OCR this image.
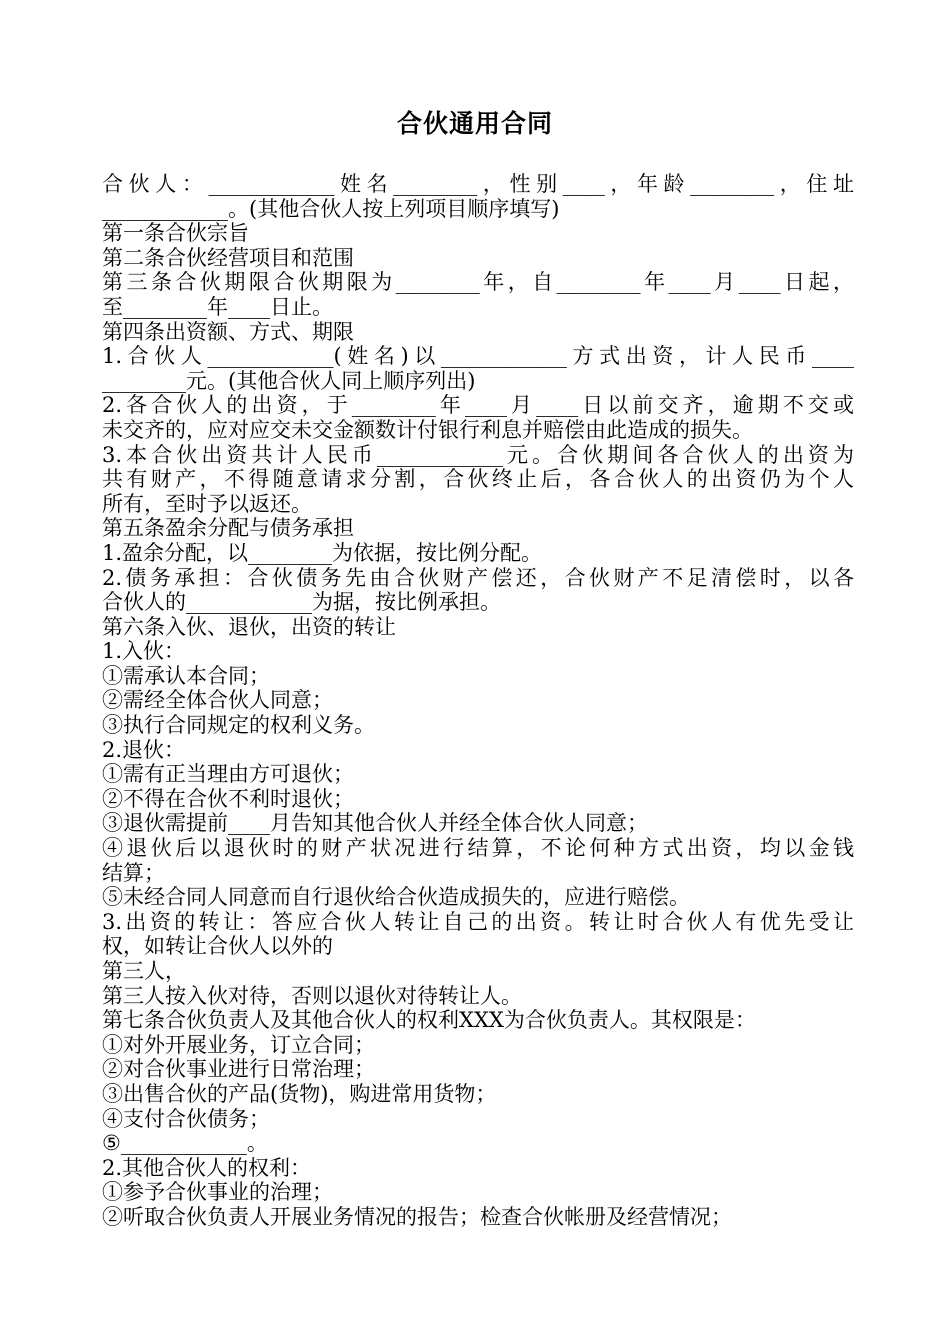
合伙通用合同
合伙人：____________姓名________，性别____，年龄________，住址
____________。(其他合伙人按上列项目顺序填写)
第一条合伙宗旨
第二条合伙经营项目和范围
第三条合伙期限合伙期限为________年，自________年____月____日起，
至________年____日止。
第四条出资额、方式、期限
1.合伙人____________(姓名)以____________方式出资，计人民币____
________元。(其他合伙人同上顺序列出)
2.各合伙人的出资，于________年____月____日以前交齐，逾期不交或
未交齐的，应对应交未交金额数计付银行利息并赔偿由此造成的损失。
3.本合伙出资共计人民币____________元。合伙期间各合伙人的出资为
共有财产，不得随意请求分割，合伙终止后，各合伙人的出资仍为个人
所有，至时予以返还。
第五条盈余分配与债务承担
1.盈余分配，以________为依据，按比例分配。
2.债务承担：合伙债务先由合伙财产偿还，合伙财产不足清偿时，以各
合伙人的____________为据，按比例承担。
第六条入伙、退伙，出资的转让
1.入伙：
①需承认本合同；
②需经全体合伙人同意；
③执行合同规定的权利义务。
2.退伙：
①需有正当理由方可退伙；
②不得在合伙不利时退伙；
③退伙需提前____月告知其他合伙人并经全体合伙人同意；
④退伙后以退伙时的财产状况进行结算，不论何种方式出资，均以金钱
结算；
⑤未经合同人同意而自行退伙给合伙造成损失的，应进行赔偿。
3.出资的转让：答应合伙人转让自己的出资。转让时合伙人有优先受让
权，如转让合伙人以外的
第三人，
第三人按入伙对待，否则以退伙对待转让人。
第七条合伙负责人及其他合伙人的权利XXX为合伙负责人。其权限是：
①对外开展业务，订立合同；
②对合伙事业进行日常治理；
③出售合伙的产品(货物)，购进常用货物；
④支付合伙债务；
⑤____________。
2.其他合伙人的权利：
①参予合伙事业的治理；
②听取合伙负责人开展业务情况的报告；检查合伙帐册及经营情况；
